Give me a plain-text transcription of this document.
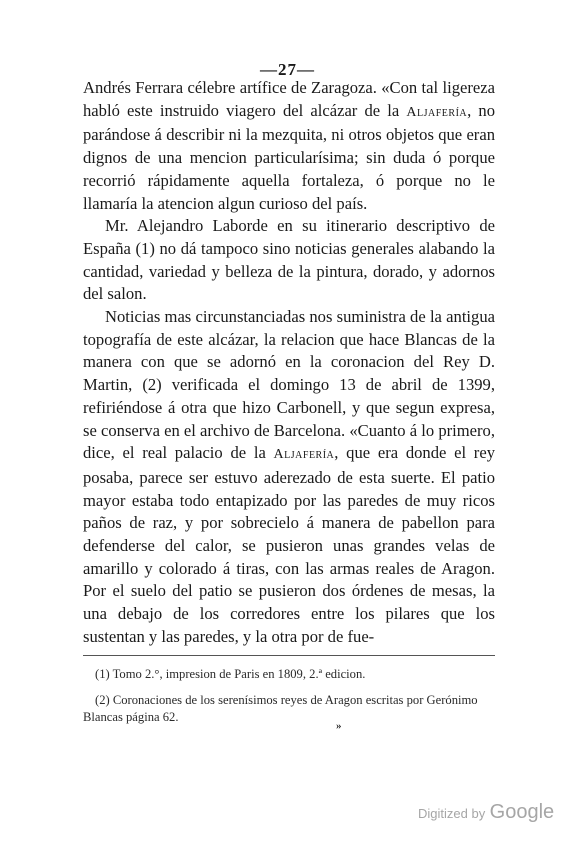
—27—

Andrés Ferrara célebre artífice de Zaragoza. «Con tal ligereza habló este instruido viagero del alcázar de la Aljafería, no parándose á describir ni la mezquita, ni otros objetos que eran dignos de una mencion particularísima; sin duda ó porque recorrió rápidamente aquella fortaleza, ó porque no le llamaría la atencion algun curioso del país.

Mr. Alejandro Laborde en su itinerario descriptivo de España (1) no dá tampoco sino noticias generales alabando la cantidad, variedad y belleza de la pintura, dorado, y adornos del salon.

Noticias mas circunstanciadas nos suministra de la antigua topografía de este alcázar, la relacion que hace Blancas de la manera con que se adornó en la coronacion del Rey D. Martin, (2) verificada el domingo 13 de abril de 1399, refiriéndose á otra que hizo Carbonell, y que segun expresa, se conserva en el archivo de Barcelona. «Cuanto á lo primero, dice, el real palacio de la Aljafería, que era donde el rey posaba, parece ser estuvo aderezado de esta suerte. El patio mayor estaba todo entapizado por las paredes de muy ricos paños de raz, y por sobrecielo á manera de pabellon para defenderse del calor, se pusieron unas grandes velas de amarillo y colorado á tiras, con las armas reales de Aragon. Por el suelo del patio se pusieron dos órdenes de mesas, la una debajo de los corredores entre los pilares que los sustentan y las paredes, y la otra por de fue-

(1) Tomo 2.°, impresion de Paris en 1809, 2.ª edicion.

(2) Coronaciones de los serenísimos reyes de Aragon escritas por Gerónimo Blancas página 62.

»
Digitized by Google
